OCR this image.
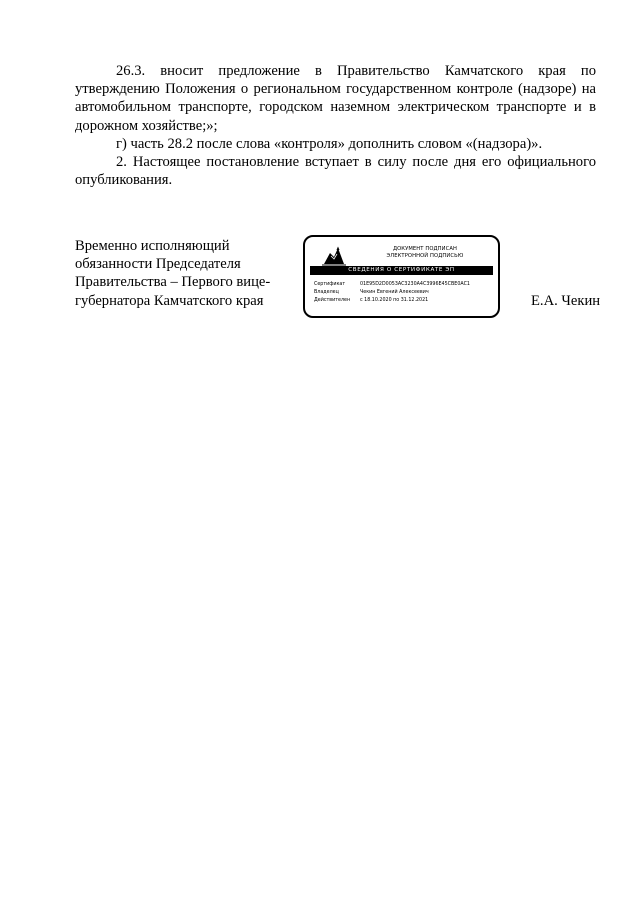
26.3. вносит предложение в Правительство Камчатского края по утверждению Положения о региональном государственном контроле (надзоре) на автомобильном транспорте, городском наземном электрическом транспорте и в дорожном хозяйстве;»;

г) часть 28.2 после слова «контроля» дополнить словом «(надзора)».

2. Настоящее постановление вступает в силу после дня его официального опубликования.

Временно исполняющий
обязанности Председателя
Правительства – Первого вице-
губернатора Камчатского края
ДОКУМЕНТ ПОДПИСАН
ЭЛЕКТРОННОЙ ПОДПИСЬЮ
СВЕДЕНИЯ О СЕРТИФИКАТЕ ЭП
Сертификат	01E95D2D0053AC3230A4C3996E45CBE0AC1
Владелец	Чекин Евгений Алексеевич
Действителен с 18.10.2020 по 31.12.2021	Е.А. Чекин
